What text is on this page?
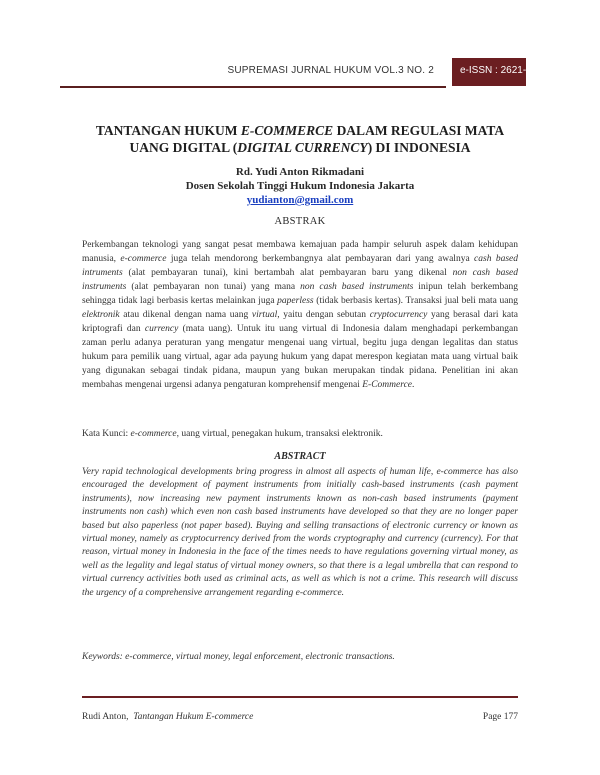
SUPREMASI JURNAL HUKUM VOL.3 NO. 2	e-ISSN : 2621-7007
TANTANGAN HUKUM E-COMMERCE DALAM REGULASI MATA
UANG DIGITAL (DIGITAL CURRENCY) DI INDONESIA
Rd. Yudi Anton Rikmadani
Dosen Sekolah Tinggi Hukum Indonesia Jakarta
yudianton@gmail.com
ABSTRAK
Perkembangan teknologi yang sangat pesat membawa kemajuan pada hampir seluruh aspek dalam kehidupan manusia, e-commerce juga telah mendorong berkembangnya alat pembayaran dari yang awalnya cash based intruments (alat pembayaran tunai), kini bertambah alat pembayaran baru yang dikenal non cash based instruments (alat pembayaran non tunai) yang mana non cash based instruments inipun telah berkembang sehingga tidak lagi berbasis kertas melainkan juga paperless (tidak berbasis kertas). Transaksi jual beli mata uang elektronik atau dikenal dengan nama uang virtual, yaitu dengan sebutan cryptocurrency yang berasal dari kata kriptografi dan currency (mata uang). Untuk itu uang virtual di Indonesia dalam menghadapi perkembangan zaman perlu adanya peraturan yang mengatur mengenai uang virtual, begitu juga dengan legalitas dan status hukum para pemilik uang virtual, agar ada payung hukum yang dapat merespon kegiatan mata uang virtual baik yang digunakan sebagai tindak pidana, maupun yang bukan merupakan tindak pidana. Penelitian ini akan membahas mengenai urgensi adanya pengaturan komprehensif mengenai E-Commerce.
Kata Kunci: e-commerce, uang virtual, penegakan hukum, transaksi elektronik.
ABSTRACT
Very rapid technological developments bring progress in almost all aspects of human life, e-commerce has also encouraged the development of payment instruments from initially cash-based instruments (cash payment instruments), now increasing new payment instruments known as non-cash based instruments (payment instruments non cash) which even non cash based instruments have developed so that they are no longer paper based but also paperless (not paper based). Buying and selling transactions of electronic currency or known as virtual money, namely as cryptocurrency derived from the words cryptography and currency (currency). For that reason, virtual money in Indonesia in the face of the times needs to have regulations governing virtual money, as well as the legality and legal status of virtual money owners, so that there is a legal umbrella that can respond to virtual currency activities both used as criminal acts, as well as which is not a crime. This research will discuss the urgency of a comprehensive arrangement regarding e-commerce.
Keywords: e-commerce, virtual money, legal enforcement, electronic transactions.
Rudi Anton, Tantangan Hukum E-commerce	Page 177
